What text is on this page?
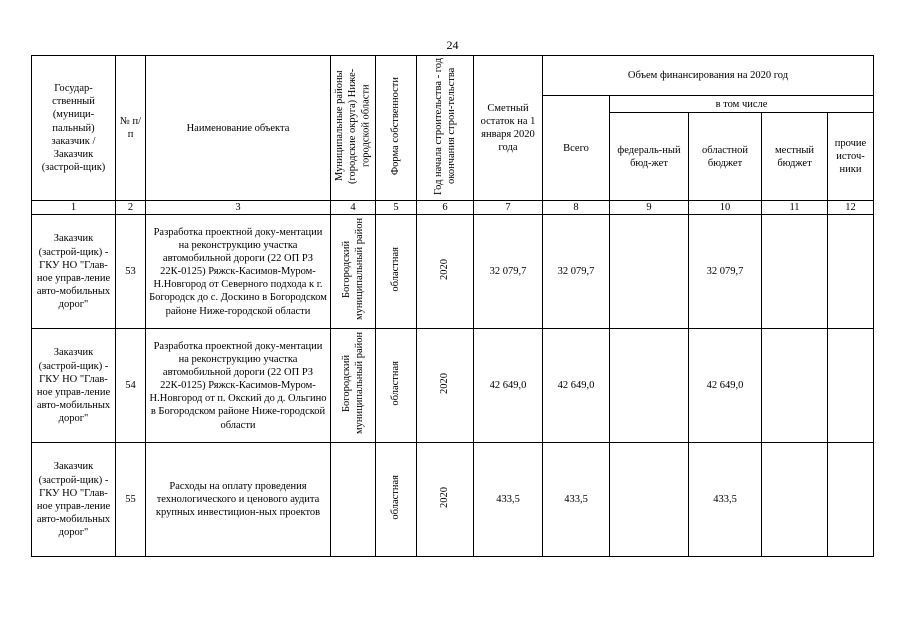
24
Государ-ственный (муници-пальный) заказчик / Заказчик (застрой-щик)	№ п/п	Наименование объекта	Муниципальные районы (городские округа) Ниже-городской области	Форма собственности	Год начала строительства - год окончания строи-тельства	Сметный остаток на 1 января 2020 года	Объем финансирования на 2020 год				
							Всего	в том числе			
								федераль-ный бюд-жет	областной бюджет	местный бюджет	прочие источ-ники
1	2	3	4	5	6	7	8	9	10	11	12
Заказчик (застрой-щик) - ГКУ НО "Глав-ное управ-ление авто-мобильных дорог"	53	Разработка проектной доку-ментации на реконструкцию участка автомобильной дороги (22 ОП РЗ 22К-0125) Ряжск-Касимов-Муром-Н.Новгород от Северного подхода к г. Богородск до с. Доскино в Богородском районе Ниже-городской области	Богородский муниципальный район	областная	2020	32 079,7	32 079,7		32 079,7		
Заказчик (застрой-щик) - ГКУ НО "Глав-ное управ-ление авто-мобильных дорог"	54	Разработка проектной доку-ментации на реконструкцию участка автомобильной дороги (22 ОП РЗ 22К-0125) Ряжск-Касимов-Муром-Н.Новгород от п. Окский до д. Ольгино в Богородском районе Ниже-городской области	Богородский муниципальный район	областная	2020	42 649,0	42 649,0		42 649,0		
Заказчик (застрой-щик) - ГКУ НО "Глав-ное управ-ление авто-мобильных дорог"	55	Расходы на оплату проведения технологического и ценового аудита крупных инвестицион-ных проектов		областная	2020	433,5	433,5		433,5		
